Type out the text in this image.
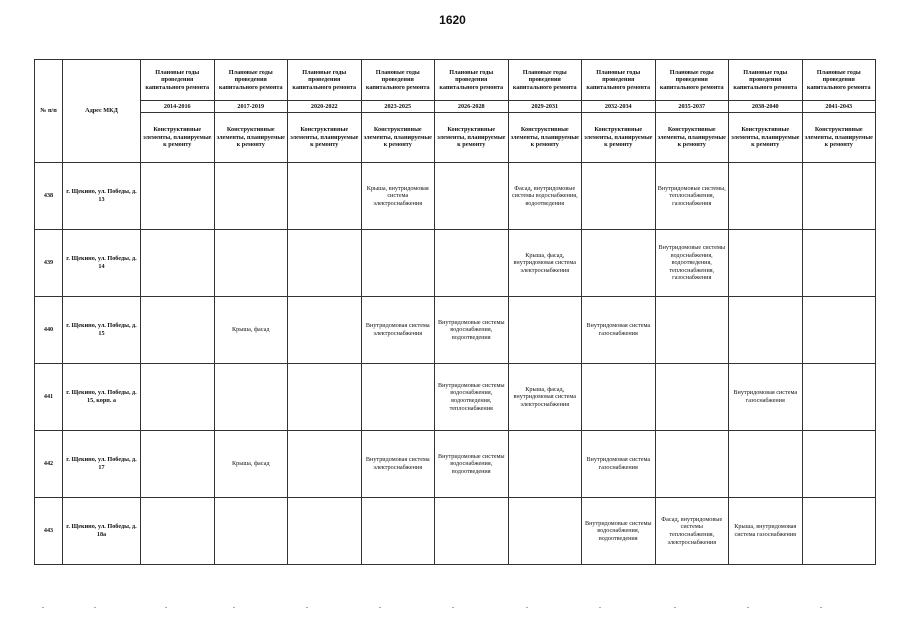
1620
№ п/п	Адрес МКД	Плановые годы проведения капитального ремонта	Плановые годы проведения капитального ремонта	Плановые годы проведения капитального ремонта	Плановые годы проведения капитального ремонта	Плановые годы проведения капитального ремонта	Плановые годы проведения капитального ремонта	Плановые годы проведения капитального ремонта	Плановые годы проведения капитального ремонта	Плановые годы проведения капитального ремонта	Плановые годы проведения капитального ремонта
		2014-2016	2017-2019	2020-2022	2023-2025	2026-2028	2029-2031	2032-2034	2035-2037	2038-2040	2041-2043
		Конструктивные элементы, планируемые к ремонту	Конструктивные элементы, планируемые к ремонту	Конструктивные элементы, планируемые к ремонту	Конструктивные элементы, планируемые к ремонту	Конструктивные элементы, планируемые к ремонту	Конструктивные элементы, планируемые к ремонту	Конструктивные элементы, планируемые к ремонту	Конструктивные элементы, планируемые к ремонту	Конструктивные элементы, планируемые к ремонту	Конструктивные элементы, планируемые к ремонту
438	г. Щекино, ул. Победы, д. 13				Крыша, внутридомовая система электроснабжения		Фасад, внутридомовые системы водоснабжения, водоотведения		Внутридомовые системы, теплоснабжения, газоснабжения		
439	г. Щекино, ул. Победы, д. 14						Крыша, фасад, внутридомовая система электроснабжения		Внутридомовые системы водоснабжения, водоотведения, теплоснабжения, газоснабжения		
440	г. Щекино, ул. Победы, д. 15		Крыша, фасад		Внутридомовая система электроснабжения	Внутридомовые системы водоснабжения, водоотведения		Внутридомовая система газоснабжения			
441	г. Щекино, ул. Победы, д. 15, корп. а					Внутридомовые системы водоснабжения, водоотведения, теплоснабжения	Крыша, фасад, внутридомовая система электроснабжения			Внутридомовая система газоснабжения	
442	г. Щекино, ул. Победы, д. 17		Крыша, фасад		Внутридомовая система электроснабжения	Внутридомовые системы водоснабжения, водоотведения		Внутридомовая система газоснабжения			
443	г. Щекино, ул. Победы, д. 18а							Внутридомовые системы водоснабжения, водоотведения	Фасад, внутридомовые системы теплоснабжения, электроснабжения	Крыша, внутридомовая система газоснабжения	
